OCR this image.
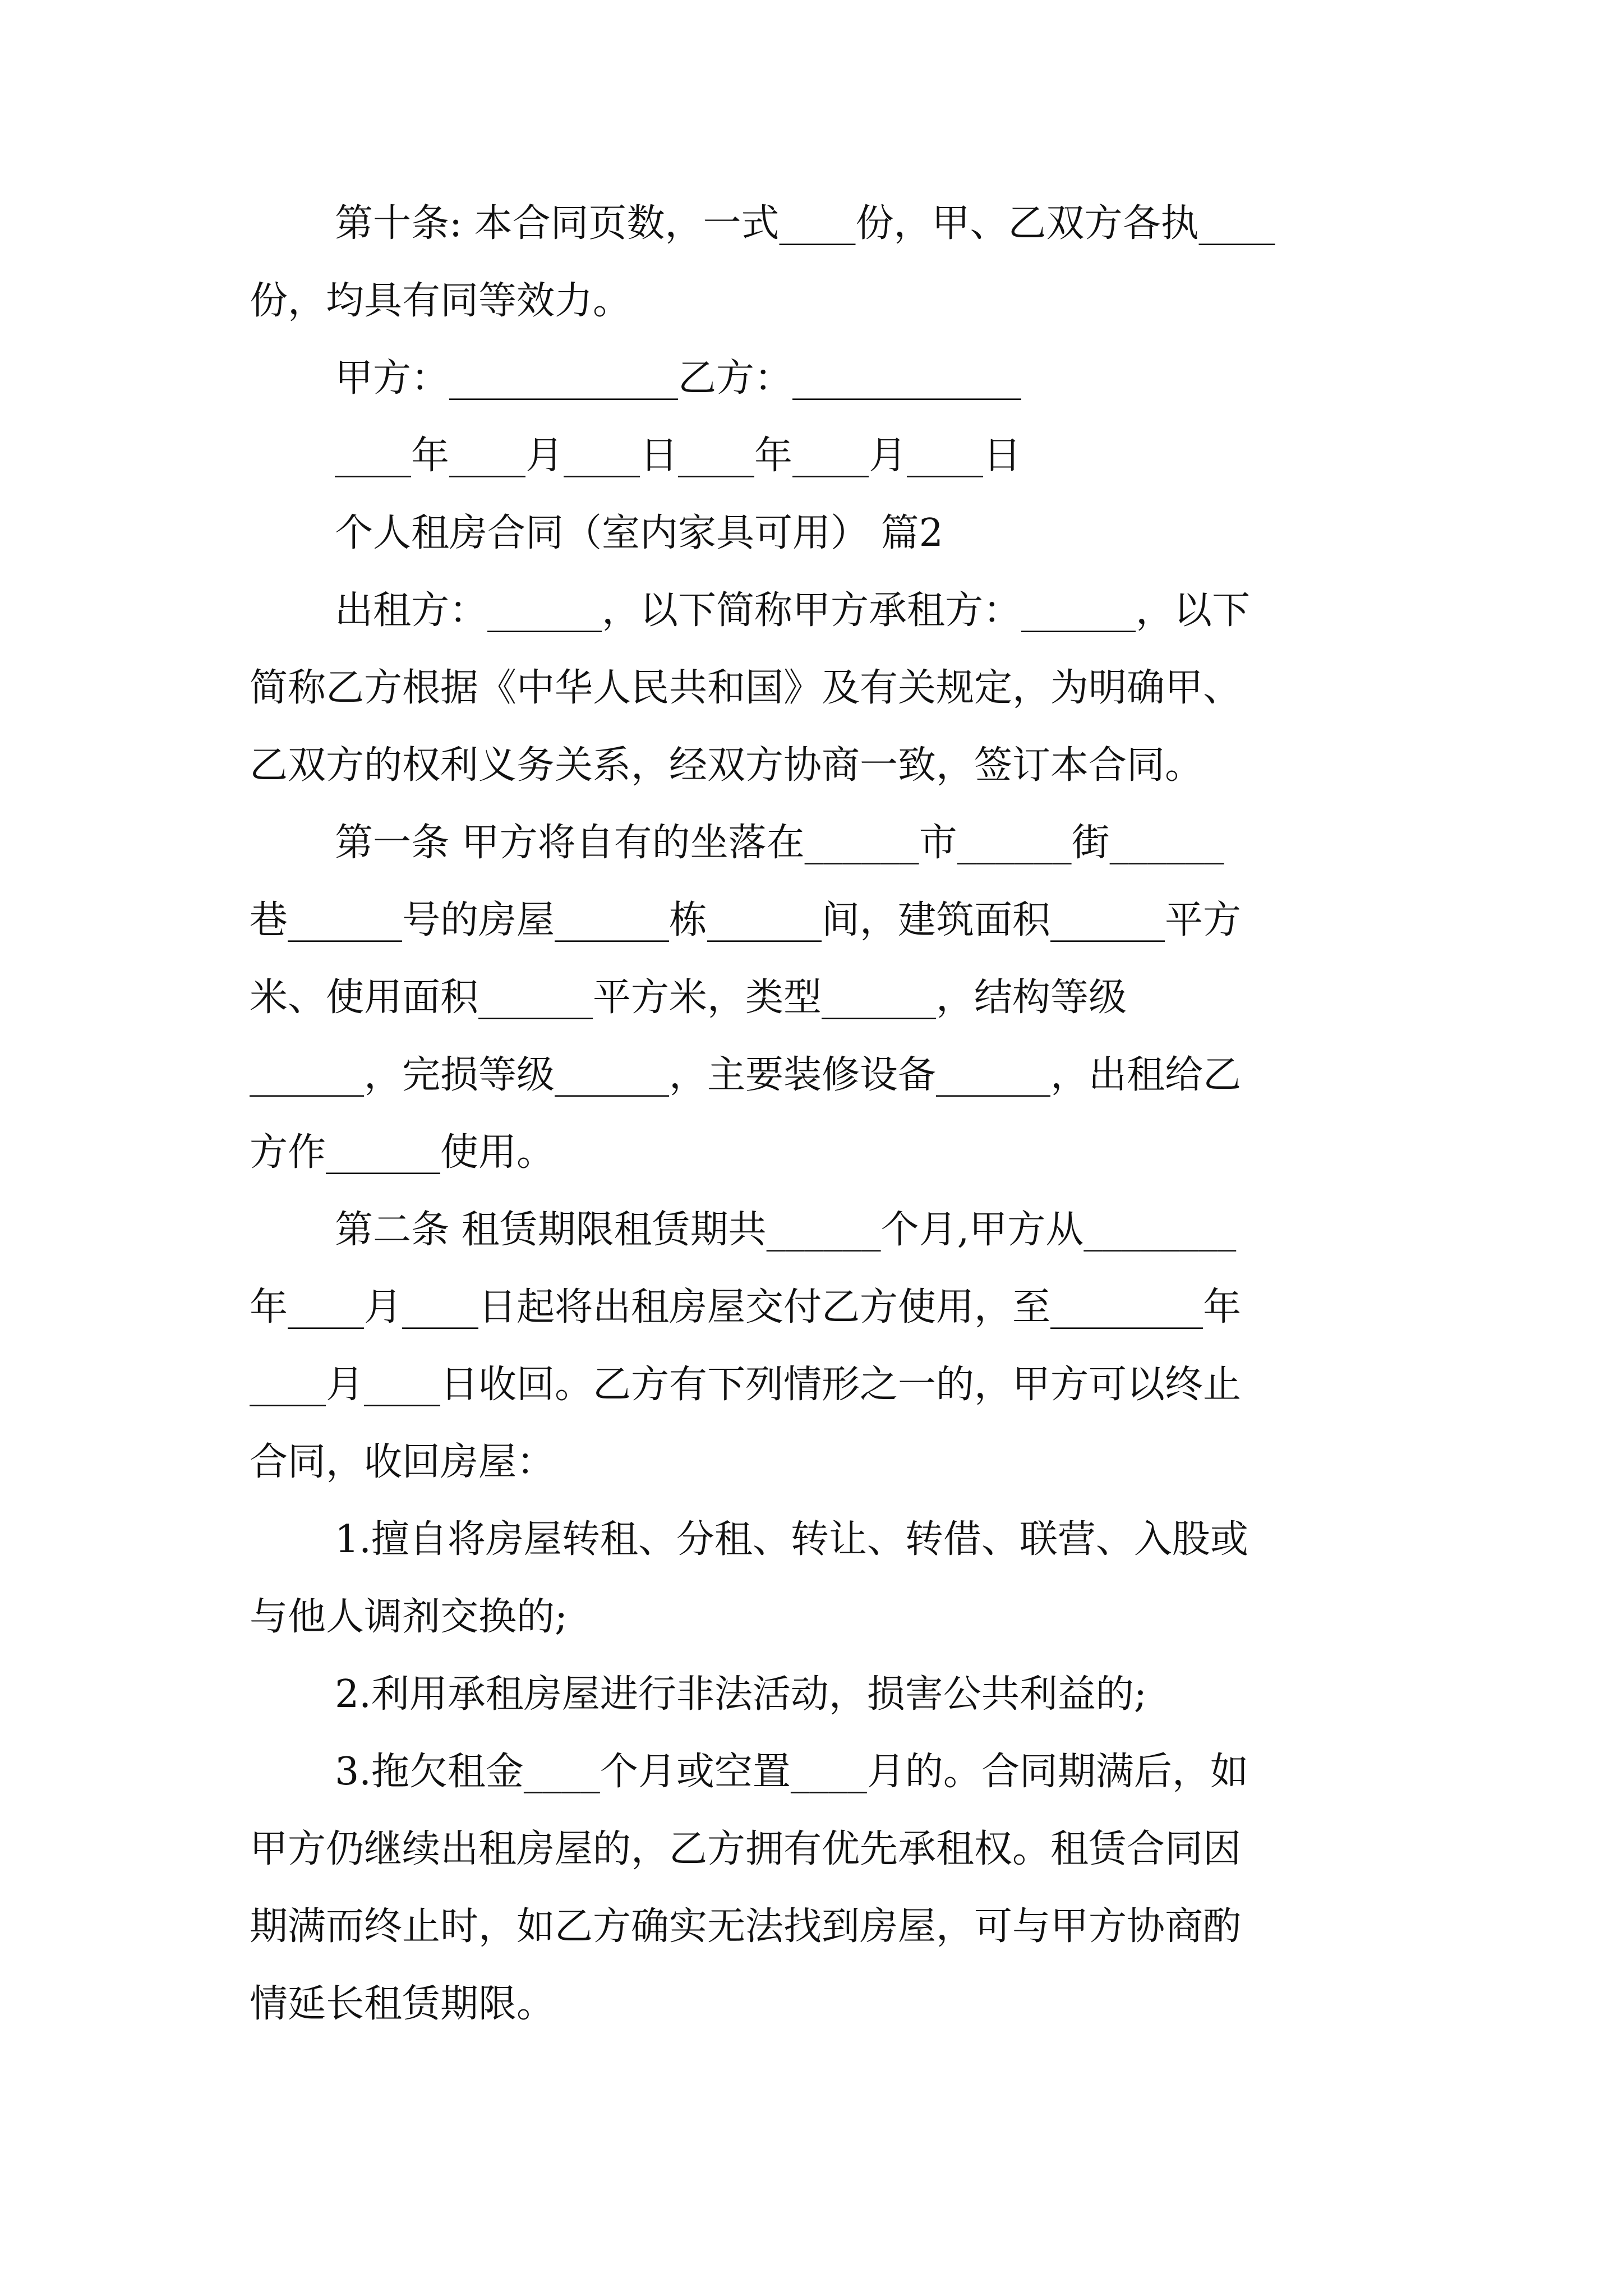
第十条: 本合同页数，一式____份，甲、乙双方各执____

份，均具有同等效力。

甲方：____________乙方：____________

____年____月____日____年____月____日

个人租房合同（室内家具可用） 篇2

出租方：______，以下简称甲方承租方：______，以下

简称乙方根据《中华人民共和国》及有关规定，为明确甲、

乙双方的权利义务关系，经双方协商一致，签订本合同。

第一条 甲方将自有的坐落在______市______街______

巷______号的房屋______栋______间，建筑面积______平方

米、使用面积______平方米，类型______，结构等级

______，完损等级______，主要装修设备______，出租给乙

方作______使用。

第二条 租赁期限租赁期共______个月,甲方从________

年____月____日起将出租房屋交付乙方使用，至________年

____月____日收回。乙方有下列情形之一的，甲方可以终止

合同，收回房屋：

1.擅自将房屋转租、分租、转让、转借、联营、入股或

与他人调剂交换的;

2.利用承租房屋进行非法活动，损害公共利益的;

3.拖欠租金____个月或空置____月的。合同期满后，如

甲方仍继续出租房屋的，乙方拥有优先承租权。租赁合同因

期满而终止时，如乙方确实无法找到房屋，可与甲方协商酌

情延长租赁期限。
